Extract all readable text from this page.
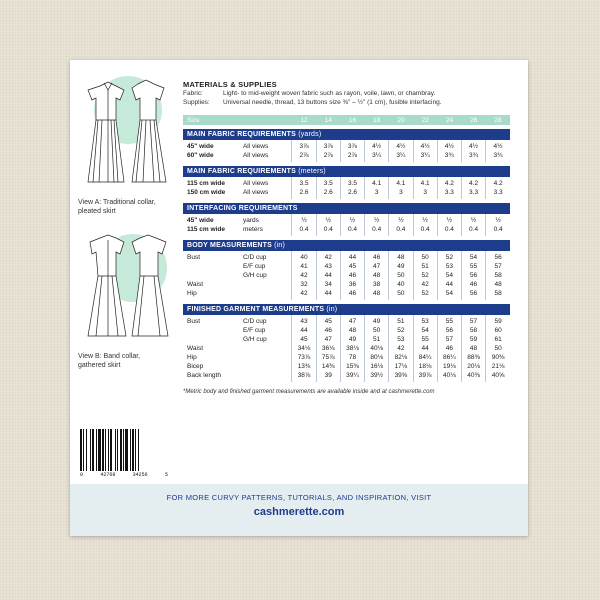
View A: Traditional collar, pleated skirt
View B: Band collar, gathered skirt
0	42768	34256	5
MATERIALS & SUPPLIES
Fabric:	Light- to mid-weight woven fabric such as rayon, voile, lawn, or chambray.
Supplies: Universal needle, thread, 13 buttons size ⅜" – ½" (1 cm), fusible interfacing.
Size	12	14	16	18	20	22	24	26	28
MAIN FABRIC REQUIREMENTS (yards)
45" wide	All views	3⅞	3⅞	3⅞	4½	4½	4½	4½	4½	4½
60" wide	All views	2⅞	2⅞	2⅞	3¼	3¼	3¼	3¾	3¾	3¾
MAIN FABRIC REQUIREMENTS (meters)
115 cm wide	All views	3.5	3.5	3.5	4.1	4.1	4.1	4.2	4.2	4.2
150 cm wide	All views	2.6	2.6	2.6	3	3	3	3.3	3.3	3.3
INTERFACING REQUIREMENTS
45" wide	yards	½	½	½	½	½	½	½	½	½
115 cm wide	meters	0.4	0.4	0.4	0.4	0.4	0.4	0.4	0.4	0.4
BODY MEASUREMENTS (in)
Bust	C/D cup	40	42	44	46	48	50	52	54	56
	E/F cup	41	43	45	47	49	51	53	55	57
	G/H cup	42	44	46	48	50	52	54	56	58
Waist		32	34	36	38	40	42	44	46	48
Hip		42	44	46	48	50	52	54	56	58
FINISHED GARMENT MEASUREMENTS (in)
Bust	C/D cup	43	45	47	49	51	53	55	57	59
	E/F cup	44	46	48	50	52	54	56	58	60
	G/H cup	45	47	49	51	53	55	57	59	61
Waist		34⅛	36⅛	38⅛	40⅛	42	44	46	48	50
Hip		73⅞	75⅞	78	80⅛	82⅛	84¼	86¼	88⅜	90⅜
Bicep		13⅜	14⅜	15⅜	16⅛	17⅛	18⅛	19⅛	20⅛	21⅛
Back length		38⅞	39	39¼	39½	39⅝	39⅞	40⅛	40⅜	40⅝
*Metric body and finished garment measurements are available inside and at cashmerette.com
FOR MORE CURVY PATTERNS, TUTORIALS, AND INSPIRATION, VISIT
cashmerette.com
